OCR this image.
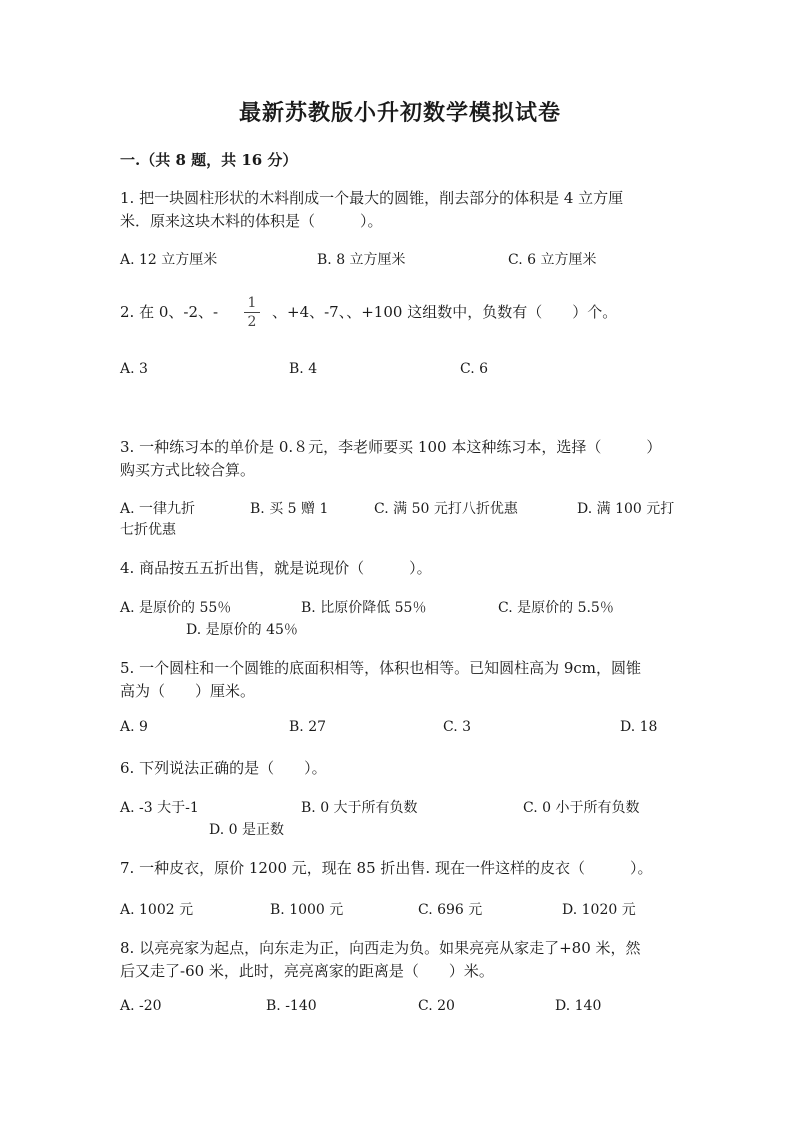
最新苏教版小升初数学模拟试卷
一.（共 8 题，共 16 分）
1. 把一块圆柱形状的木料削成一个最大的圆锥，削去部分的体积是 4 立方厘
米．原来这块木料的体积是（　　　）。
A. 12 立方厘米	B. 8 立方厘米	C. 6 立方厘米
2. 在 0、-2、- 1
2
、+4、-7、、+100 这组数中，负数有（　　）个。
A. 3	B. 4	C. 6
3. 一种练习本的单价是 0.８元，李老师要买 100 本这种练习本，选择（　　　）
购买方式比较合算。
A. 一律九折	B. 买 5 赠 1	C. 满 50 元打八折优惠	D. 满 100 元打
七折优惠
4. 商品按五五折出售，就是说现价（　　　）。
A. 是原价的 55％	B. 比原价降低 55％	C. 是原价的 5.5％
D. 是原价的 45％
5. 一个圆柱和一个圆锥的底面积相等，体积也相等。已知圆柱高为 9cm，圆锥
高为（　　）厘米。
A. 9	B. 27	C. 3	D. 18
6. 下列说法正确的是（　　）。
A. -3 大于-1	B. 0 大于所有负数	C. 0 小于所有负数
D. 0 是正数
7. 一种皮衣，原价 1200 元，现在 85 折出售. 现在一件这样的皮衣（　　　）。
A. 1002 元	B. 1000 元	C. 696 元	D. 1020 元
8. 以亮亮家为起点，向东走为正，向西走为负。如果亮亮从家走了+80 米，然
后又走了-60 米，此时，亮亮离家的距离是（　　）米。
A. -20	B. -140	C. 20	D. 140
